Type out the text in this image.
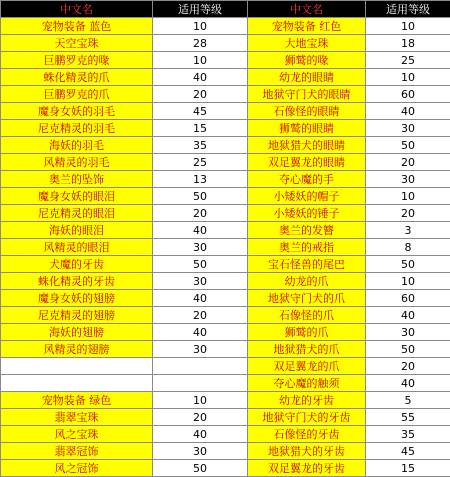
中文名	适用等级	中文名	适用等级
宠物装备 蓝色	10	宠物装备 红色	10
天空宝珠	28	大地宝珠	18
巨鹏罗克的喙	10	狮鹫的喙	25
蛛化精灵的爪	40	幼龙的眼睛	10
巨鹏罗克的爪	20	地狱守门犬的眼睛	60
魔身女妖的羽毛	45	石像怪的眼睛	40
尼克精灵的羽毛	15	狮鹫的眼睛	30
海妖的羽毛	35	地狱猎犬的眼睛	50
风精灵的羽毛	25	双足翼龙的眼睛	20
奥兰的坠饰	13	夺心魔的手	30
魔身女妖的眼泪	50	小矮妖的帽子	10
尼克精灵的眼泪	20	小矮妖的锤子	20
海妖的眼泪	40	奥兰的发簪	3
风精灵的眼泪	30	奥兰的戒指	8
犬魔的牙齿	50	宝石怪兽的尾巴	50
蛛化精灵的牙齿	30	幼龙的爪	10
魔身女妖的翅膀	40	地狱守门犬的爪	60
尼克精灵的翅膀	20	石像怪的爪	40
海妖的翅膀	40	狮鹫的爪	30
风精灵的翅膀	30	地狱猎犬的爪	50
		双足翼龙的爪	20
		夺心魔的触须	40
宠物装备 绿色	10	幼龙的牙齿	5
翡翠宝珠	20	地狱守门犬的牙齿	55
风之宝珠	40	石像怪的牙齿	35
翡翠冠饰	30	地狱猎犬的牙齿	45
风之冠饰	50	双足翼龙的牙齿	15
